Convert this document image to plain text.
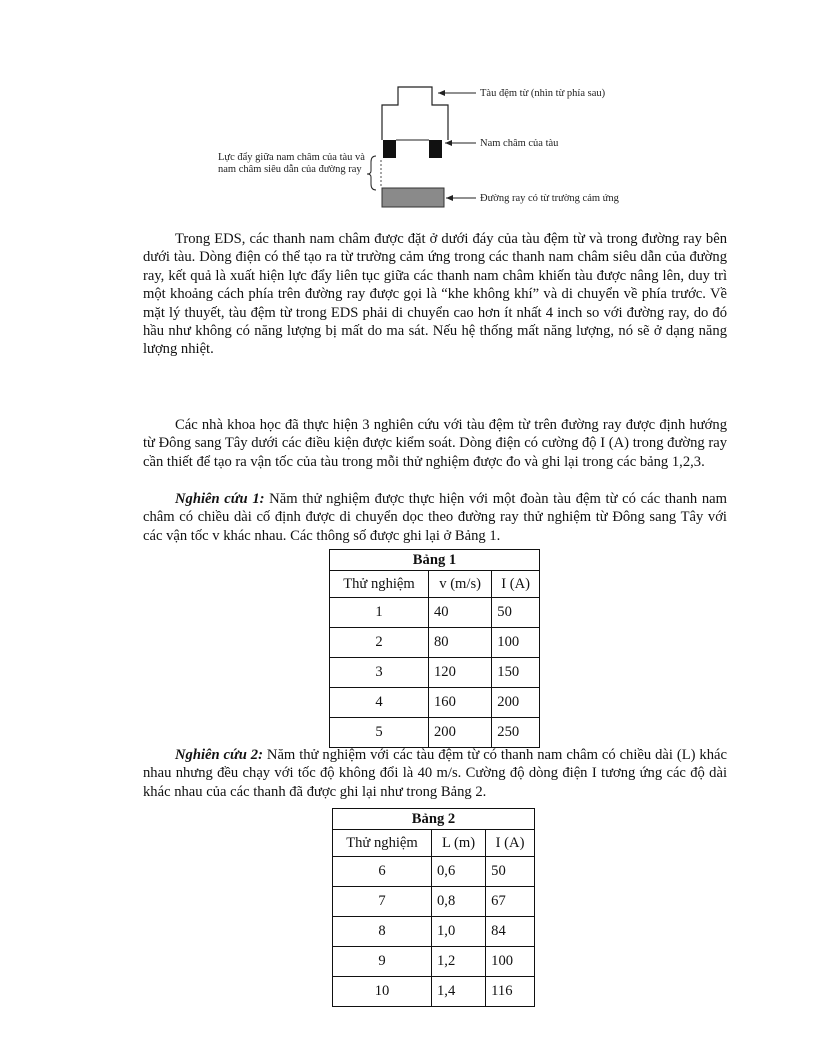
Tàu đệm từ (nhìn từ phía sau)
Nam châm của tàu
Đường ray có từ trường cảm ứng
Lực đẩy giữa nam châm của tàu và nam châm siêu dẫn của đường ray

Trong EDS, các thanh nam châm được đặt ở dưới đáy của tàu đệm từ và trong đường ray bên dưới tàu. Dòng điện có thể tạo ra từ trường cảm ứng trong các thanh nam châm siêu dẫn của đường ray, kết quả là xuất hiện lực đẩy liên tục giữa các thanh nam châm khiến tàu được nâng lên, duy trì một khoảng cách phía trên đường ray được gọi là “khe không khí” và di chuyển về phía trước. Về mặt lý thuyết, tàu đệm từ trong EDS phải di chuyển cao hơn ít nhất 4 inch so với đường ray, do đó hầu như không có năng lượng bị mất do ma sát. Nếu hệ thống mất năng lượng, nó sẽ ở dạng năng lượng nhiệt.

Các nhà khoa học đã thực hiện 3 nghiên cứu với tàu đệm từ trên đường ray được định hướng từ Đông sang Tây dưới các điều kiện được kiểm soát. Dòng điện có cường độ I (A) trong đường ray cần thiết để tạo ra vận tốc của tàu trong mỗi thử nghiệm được đo và ghi lại trong các bảng 1,2,3.

Nghiên cứu 1: Năm thử nghiệm được thực hiện với một đoàn tàu đệm từ có các thanh nam châm có chiều dài cố định được di chuyển dọc theo đường ray thử nghiệm từ Đông sang Tây với các vận tốc v khác nhau. Các thông số được ghi lại ở Bảng 1.

Bảng 1		
Thử nghiệm	v (m/s)	I (A)
1	40	50
2	80	100
3	120	150
4	160	200
5	200	250

Nghiên cứu 2: Năm thử nghiệm với các tàu đệm từ có thanh nam châm có chiều dài (L) khác nhau nhưng đều chạy với tốc độ không đổi là 40 m/s. Cường độ dòng điện I tương ứng các độ dài khác nhau của các thanh đã được ghi lại như trong Bảng 2.

Bảng 2		
Thử nghiệm	L (m)	I (A)
6	0,6	50
7	0,8	67
8	1,0	84
9	1,2	100
10	1,4	116
